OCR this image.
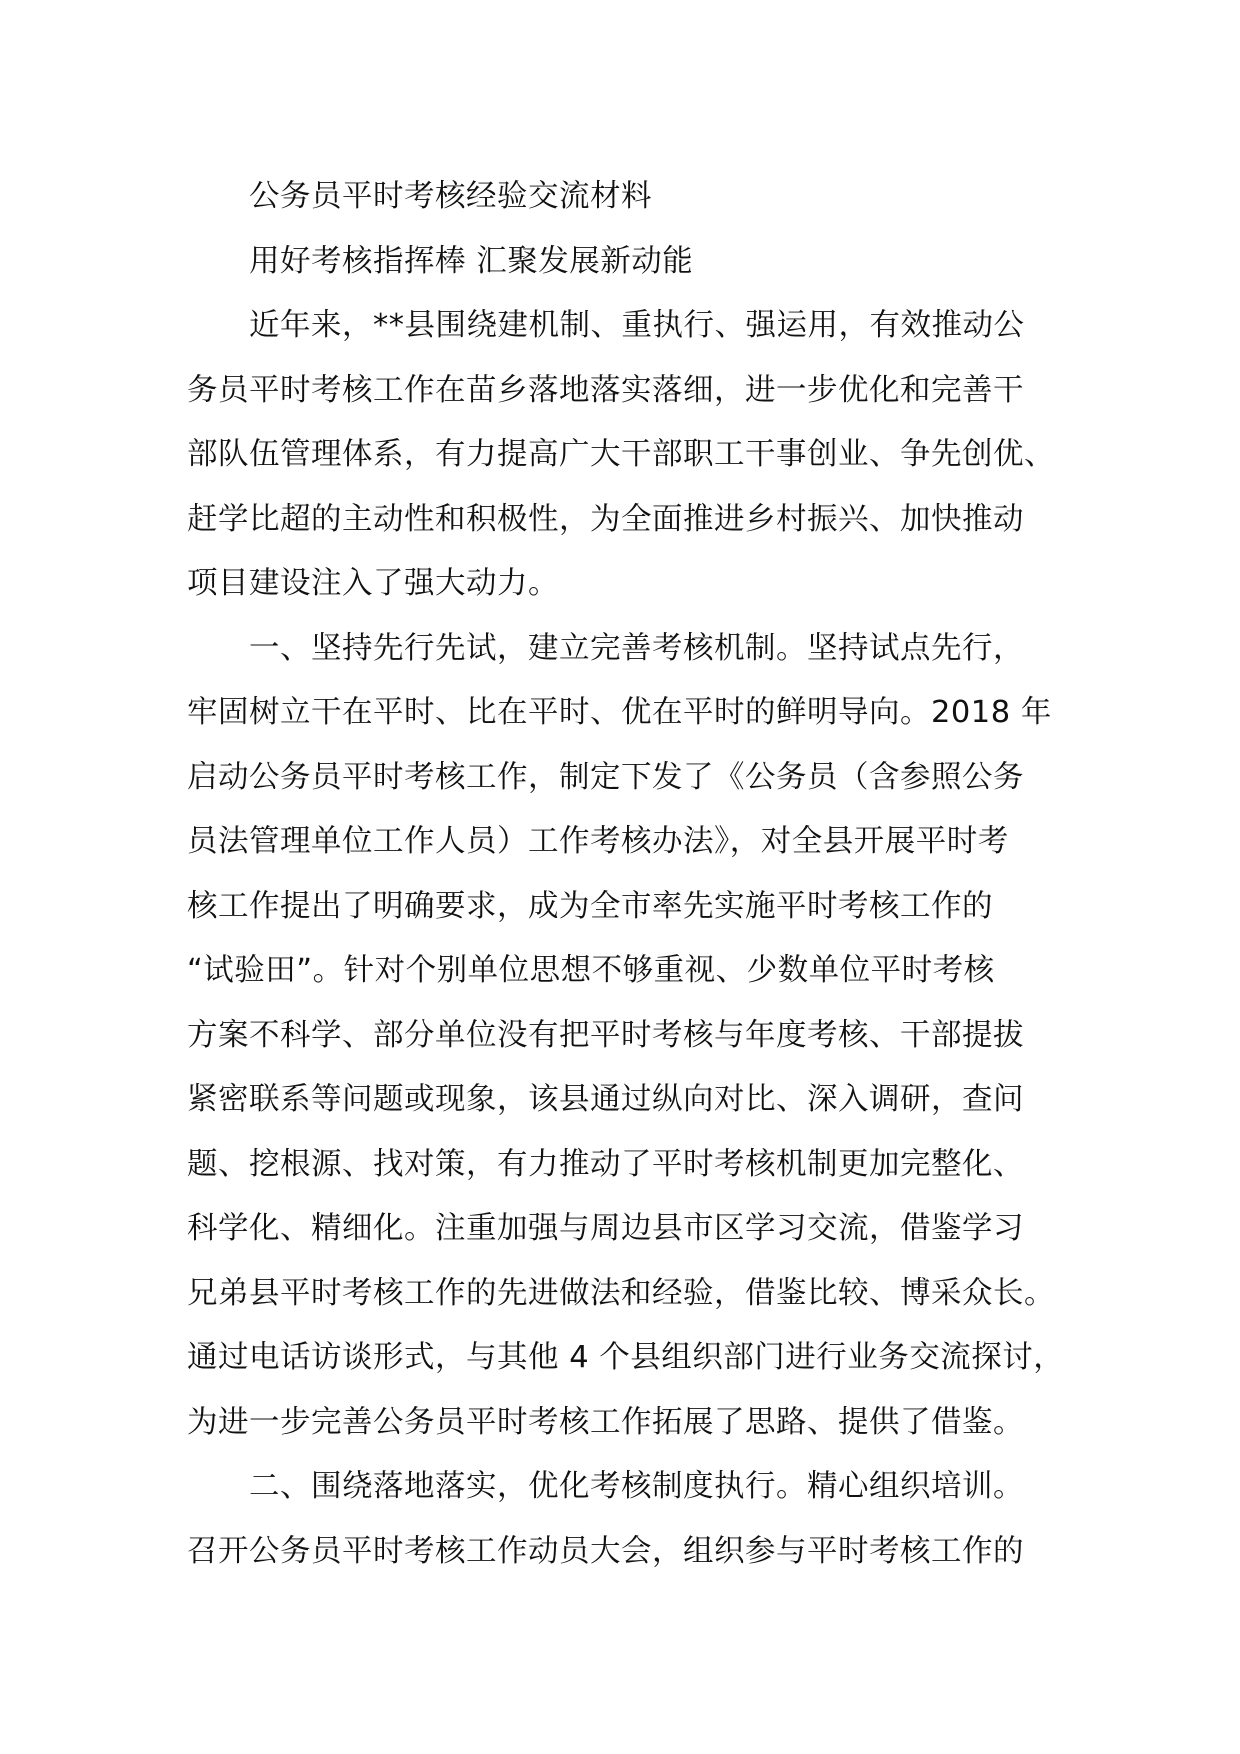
公务员平时考核经验交流材料
用好考核指挥棒 汇聚发展新动能
近年来，**县围绕建机制、重执行、强运用，有效推动公
务员平时考核工作在苗乡落地落实落细，进一步优化和完善干
部队伍管理体系，有力提高广大干部职工干事创业、争先创优、
赶学比超的主动性和积极性，为全面推进乡村振兴、加快推动
项目建设注入了强大动力。
一、坚持先行先试，建立完善考核机制。坚持试点先行，
牢固树立干在平时、比在平时、优在平时的鲜明导向。2018 年
启动公务员平时考核工作，制定下发了《公务员（含参照公务
员法管理单位工作人员）工作考核办法》，对全县开展平时考
核工作提出了明确要求，成为全市率先实施平时考核工作的
“试验田”。针对个别单位思想不够重视、少数单位平时考核
方案不科学、部分单位没有把平时考核与年度考核、干部提拔
紧密联系等问题或现象，该县通过纵向对比、深入调研，查问
题、挖根源、找对策，有力推动了平时考核机制更加完整化、
科学化、精细化。注重加强与周边县市区学习交流，借鉴学习
兄弟县平时考核工作的先进做法和经验，借鉴比较、博采众长。
通过电话访谈形式，与其他 4 个县组织部门进行业务交流探讨，
为进一步完善公务员平时考核工作拓展了思路、提供了借鉴。
二、围绕落地落实，优化考核制度执行。精心组织培训。
召开公务员平时考核工作动员大会，组织参与平时考核工作的
